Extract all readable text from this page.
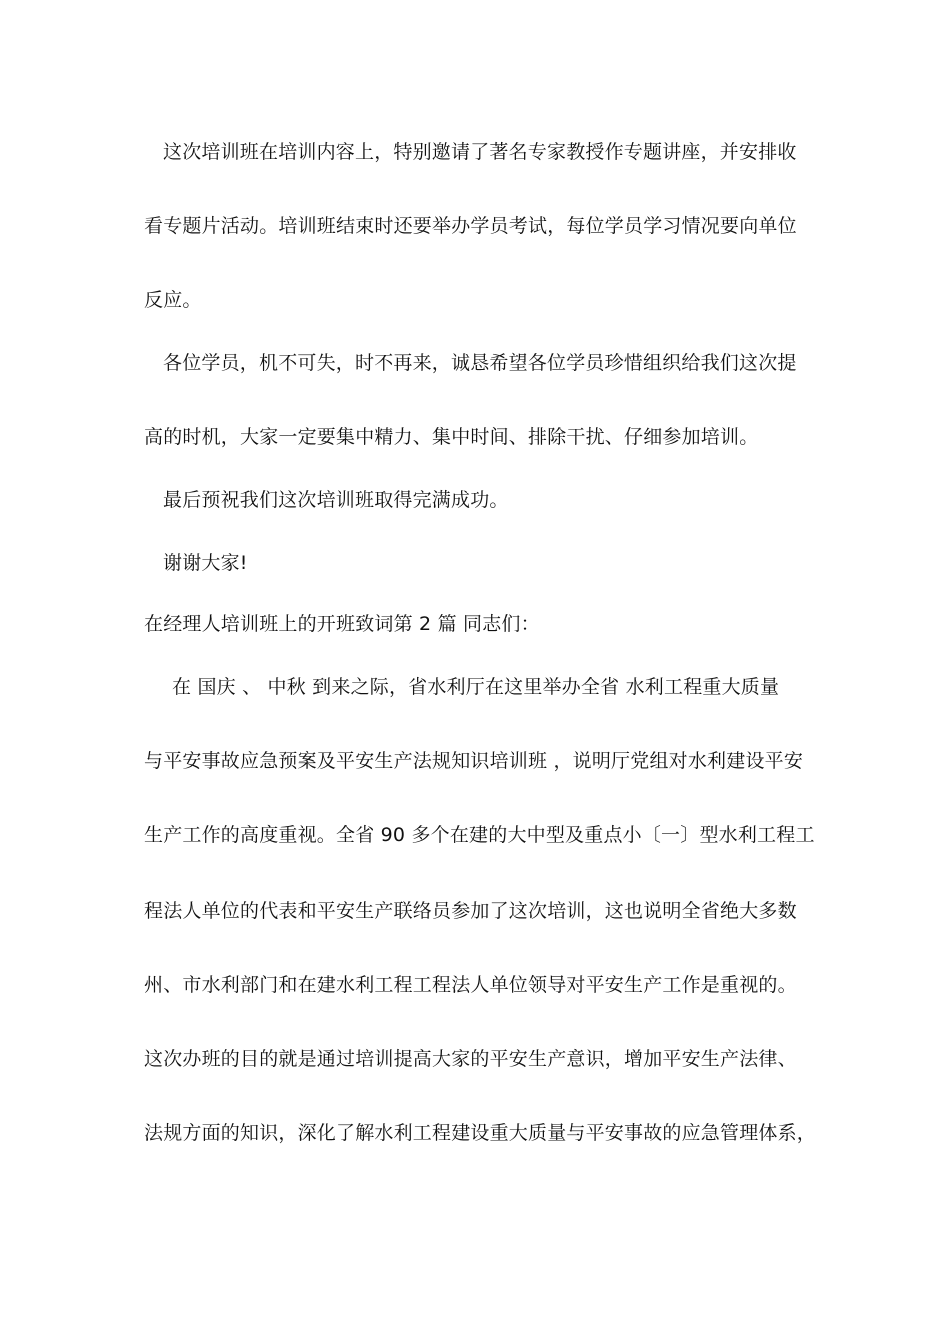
这次培训班在培训内容上，特别邀请了著名专家教授作专题讲座，并安排收
看专题片活动。培训班结束时还要举办学员考试，每位学员学习情况要向单位
反应。
各位学员，机不可失，时不再来，诚恳希望各位学员珍惜组织给我们这次提
高的时机，大家一定要集中精力、集中时间、排除干扰、仔细参加培训。
最后预祝我们这次培训班取得完满成功。
谢谢大家!
在经理人培训班上的开班致词第 2 篇 同志们：
在 国庆 、 中秋 到来之际，省水利厅在这里举办全省 水利工程重大质量
与平安事故应急预案及平安生产法规知识培训班 ，说明厅党组对水利建设平安
生产工作的高度重视。全省 90 多个在建的大中型及重点小〔一〕型水利工程工
程法人单位的代表和平安生产联络员参加了这次培训，这也说明全省绝大多数
州、市水利部门和在建水利工程工程法人单位领导对平安生产工作是重视的。
这次办班的目的就是通过培训提高大家的平安生产意识，增加平安生产法律、
法规方面的知识，深化了解水利工程建设重大质量与平安事故的应急管理体系，
